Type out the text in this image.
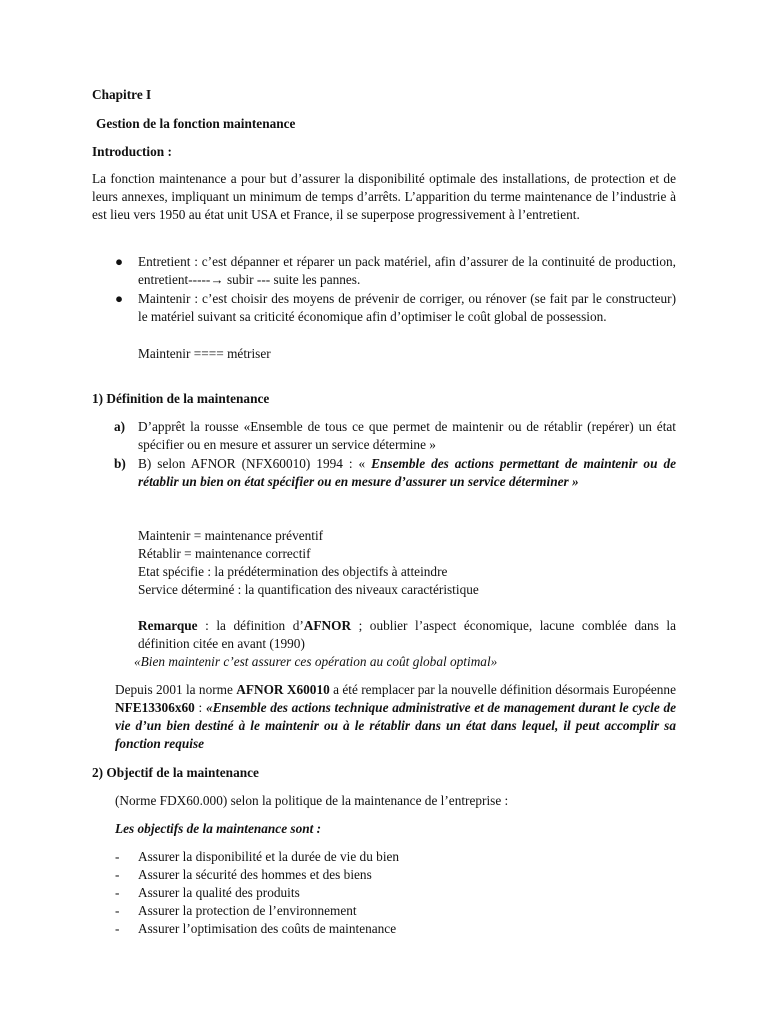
Chapitre I
Gestion de la fonction maintenance
Introduction :

La fonction maintenance a pour but d’assurer la disponibilité optimale des installations, de protection et de leurs annexes, impliquant un minimum de temps d’arrêts. L’apparition du terme maintenance de l’industrie à est lieu vers 1950 au état unit USA et France, il se superpose progressivement à l’entretient.

● Entretient : c’est dépanner et réparer un pack matériel, afin d’assurer de la continuité de production, entretient-----→ subir --- suite les pannes.
● Maintenir : c’est choisir des moyens de prévenir de corriger, ou rénover (se fait par le constructeur) le matériel suivant sa criticité économique afin d’optimiser le coût global de possession.
Maintenir ==== métriser
1) Définition de la maintenance
a) D’apprêt la rousse «Ensemble de tous ce que permet de maintenir ou de rétablir (repérer) un état spécifier ou en mesure et assurer un service détermine »
b) B) selon AFNOR (NFX60010) 1994 : « Ensemble des actions permettant de maintenir ou de rétablir un bien on état spécifier ou en mesure d’assurer un service déterminer »
Maintenir = maintenance préventif
Rétablir = maintenance correctif
Etat spécifie : la prédétermination des objectifs à atteindre
Service déterminé : la quantification des niveaux caractéristique
Remarque : la définition d’AFNOR ; oublier l’aspect économique, lacune comblée dans la définition citée en avant (1990)
«Bien maintenir c’est assurer ces opération au coût global optimal»
Depuis 2001 la norme AFNOR X60010 a été remplacer par la nouvelle définition désormais Européenne NFE13306x60 : «Ensemble des actions technique administrative et de management durant le cycle de vie d’un bien destiné à le maintenir ou à le rétablir dans un état dans lequel, il peut accomplir sa fonction requise
2) Objectif de la maintenance
(Norme FDX60.000) selon la politique de la maintenance de l’entreprise :
Les objectifs de la maintenance sont :
- Assurer la disponibilité et la durée de vie du bien
- Assurer la sécurité des hommes et des biens
- Assurer la qualité des produits
- Assurer la protection de l’environnement
- Assurer l’optimisation des coûts de maintenance
